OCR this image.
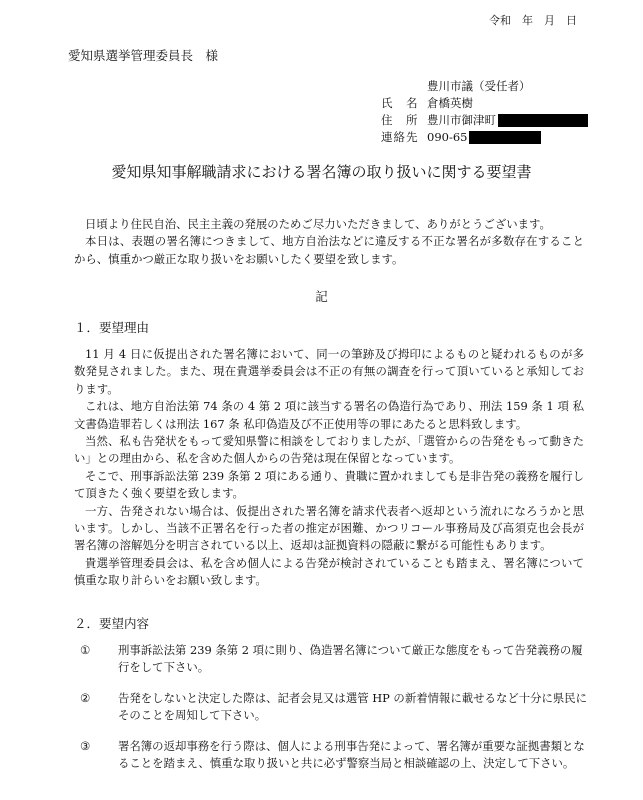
令和　年　月　日
愛知県選挙管理委員長　様
豊川市議（受任者）
氏　名 倉橋英樹
住　所 豊川市御津町
連絡先 090-65
愛知県知事解職請求における署名簿の取り扱いに関する要望書

日頃より住民自治、民主主義の発展のためご尽力いただきまして、ありがとうございます。

本日は、表題の署名簿につきまして、地方自治法などに違反する不正な署名が多数存在することから、慎重かつ厳正な取り扱いをお願いしたく要望を致します。

記
１．要望理由

11 月 4 日に仮提出された署名簿において、同一の筆跡及び拇印によるものと疑われるものが多数発見されました。また、現在貴選挙委員会は不正の有無の調査を行って頂いていると承知しております。

これは、地方自治法第 74 条の 4 第 2 項に該当する署名の偽造行為であり、刑法 159 条 1 項 私文書偽造罪若しくは刑法 167 条 私印偽造及び不正使用等の罪にあたると思料致します。

当然、私も告発状をもって愛知県警に相談をしておりましたが、「選管からの告発をもって動きたい」との理由から、私を含めた個人からの告発は現在保留となっています。

そこで、刑事訴訟法第 239 条第 2 項にある通り、貴職に置かれましても是非告発の義務を履行して頂きたく強く要望を致します。

一方、告発されない場合は、仮提出された署名簿を請求代表者へ返却という流れになろうかと思います。しかし、当該不正署名を行った者の推定が困難、かつリコール事務局及び高須克也会長が署名簿の溶解処分を明言されている以上、返却は証拠資料の隠蔽に繋がる可能性もあります。

貴選挙管理委員会は、私を含め個人による告発が検討されていることも踏まえ、署名簿について慎重な取り計らいをお願い致します。

２．要望内容
①	刑事訴訟法第 239 条第 2 項に則り、偽造署名簿について厳正な態度をもって告発義務の履行をして下さい。
②	告発をしないと決定した際は、記者会見又は選管 HP の新着情報に載せるなど十分に県民にそのことを周知して下さい。
③	署名簿の返却事務を行う際は、個人による刑事告発によって、署名簿が重要な証拠書類となることを踏まえ、慎重な取り扱いと共に必ず警察当局と相談確認の上、決定して下さい。
